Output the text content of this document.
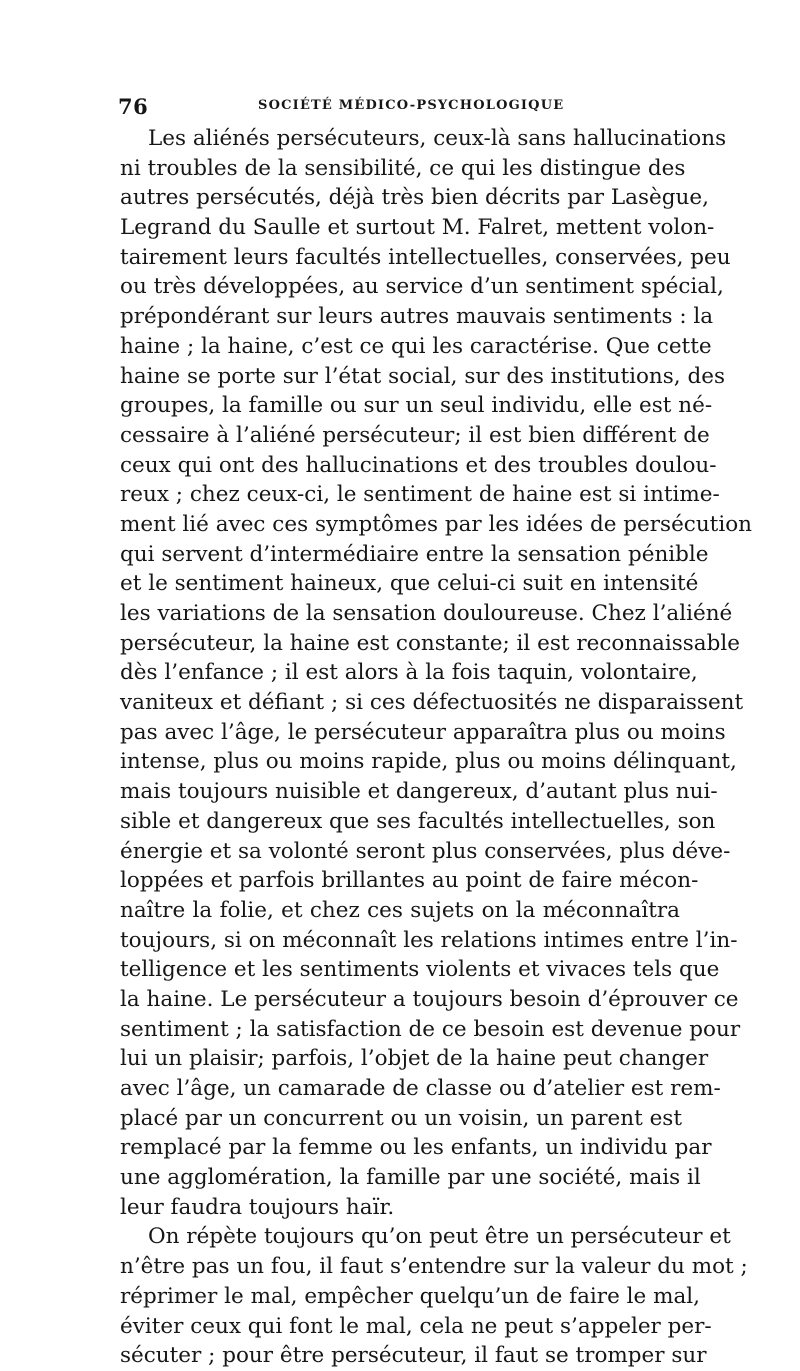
76	SOCIÉTÉ MÉDICO-PSYCHOLOGIQUE
Les aliénés persécuteurs, ceux-là sans hallucinations
ni troubles de la sensibilité, ce qui les distingue des
autres persécutés, déjà très bien décrits par Lasègue,
Legrand du Saulle et surtout M. Falret, mettent volon-
tairement leurs facultés intellectuelles, conservées, peu
ou très développées, au service d’un sentiment spécial,
prépondérant sur leurs autres mauvais sentiments : la
haine ; la haine, c’est ce qui les caractérise. Que cette
haine se porte sur l’état social, sur des institutions, des
groupes, la famille ou sur un seul individu, elle est né-
cessaire à l’aliéné persécuteur; il est bien différent de
ceux qui ont des hallucinations et des troubles doulou-
reux ; chez ceux-ci, le sentiment de haine est si intime-
ment lié avec ces symptômes par les idées de persécution
qui servent d’intermédiaire entre la sensation pénible
et le sentiment haineux, que celui-ci suit en intensité
les variations de la sensation douloureuse. Chez l’aliéné
persécuteur, la haine est constante; il est reconnaissable
dès l’enfance ; il est alors à la fois taquin, volontaire,
vaniteux et défiant ; si ces défectuosités ne disparaissent
pas avec l’âge, le persécuteur apparaîtra plus ou moins
intense, plus ou moins rapide, plus ou moins délinquant,
mais toujours nuisible et dangereux, d’autant plus nui-
sible et dangereux que ses facultés intellectuelles, son
énergie et sa volonté seront plus conservées, plus déve-
loppées et parfois brillantes au point de faire mécon-
naître la folie, et chez ces sujets on la méconnaîtra
toujours, si on méconnaît les relations intimes entre l’in-
telligence et les sentiments violents et vivaces tels que
la haine. Le persécuteur a toujours besoin d’éprouver ce
sentiment ; la satisfaction de ce besoin est devenue pour
lui un plaisir; parfois, l’objet de la haine peut changer
avec l’âge, un camarade de classe ou d’atelier est rem-
placé par un concurrent ou un voisin, un parent est
remplacé par la femme ou les enfants, un individu par
une agglomération, la famille par une société, mais il
leur faudra toujours haïr.
On répète toujours qu’on peut être un persécuteur et
n’être pas un fou, il faut s’entendre sur la valeur du mot ;
réprimer le mal, empêcher quelqu’un de faire le mal,
éviter ceux qui font le mal, cela ne peut s’appeler per-
sécuter ; pour être persécuteur, il faut se tromper sur
